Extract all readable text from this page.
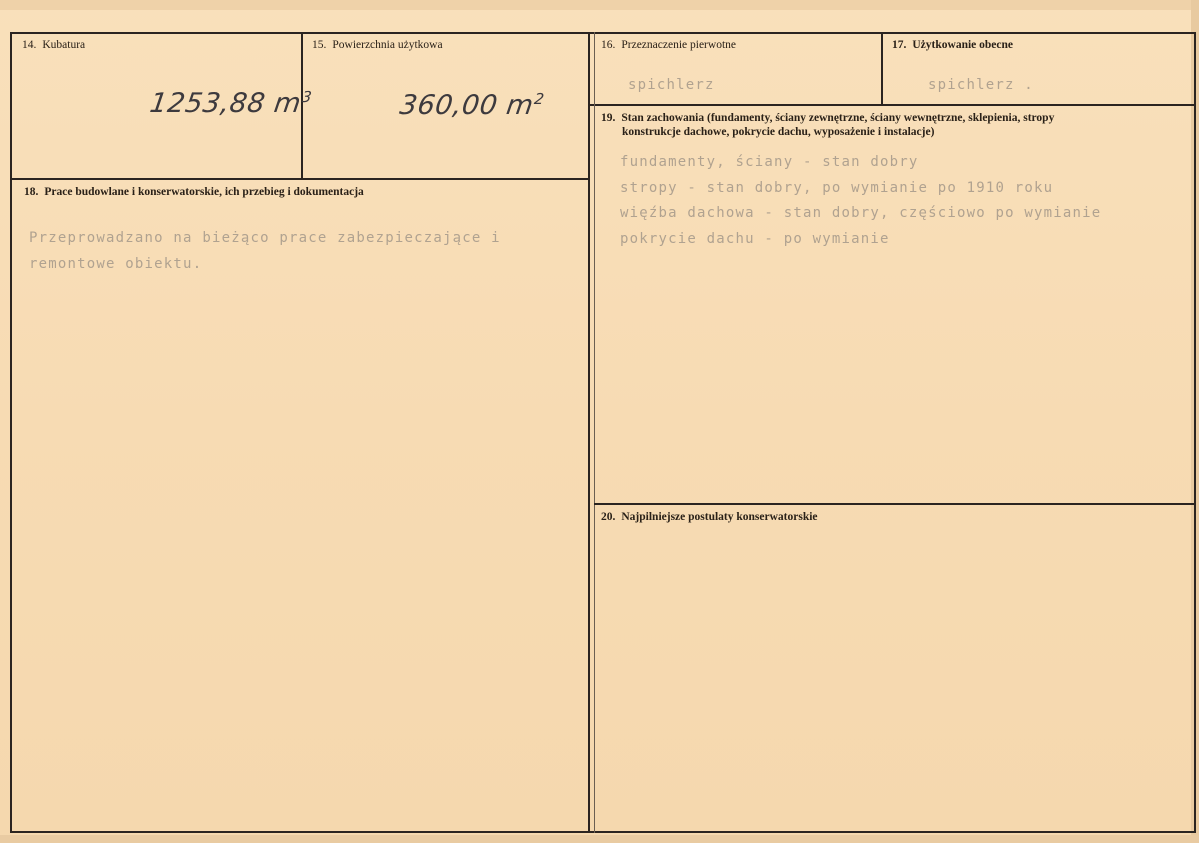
14. Kubatura
1253,88 $m^3$
15. Powierzchnia użytkowa
360,00 $m^2$
16. Przeznaczenie pierwotne
spichlerz
17. Użytkowanie obecne
spichlerz .
18. Prace budowlane i konserwatorskie, ich przebieg i dokumentacja
Przeprowadzano na bieżąco prace zabezpieczające i
remontowe obiektu.
19. Stan zachowania (fundamenty, ściany zewnętrzne, ściany wewnętrzne, sklepienia, stropy
konstrukcje dachowe, pokrycie dachu, wyposażenie i instalacje)
fundamenty, ściany - stan dobry
stropy - stan dobry, po wymianie po 1910 roku
więźba dachowa - stan dobry, częściowo po wymianie
pokrycie dachu - po wymianie
20. Najpilniejsze postulaty konserwatorskie
